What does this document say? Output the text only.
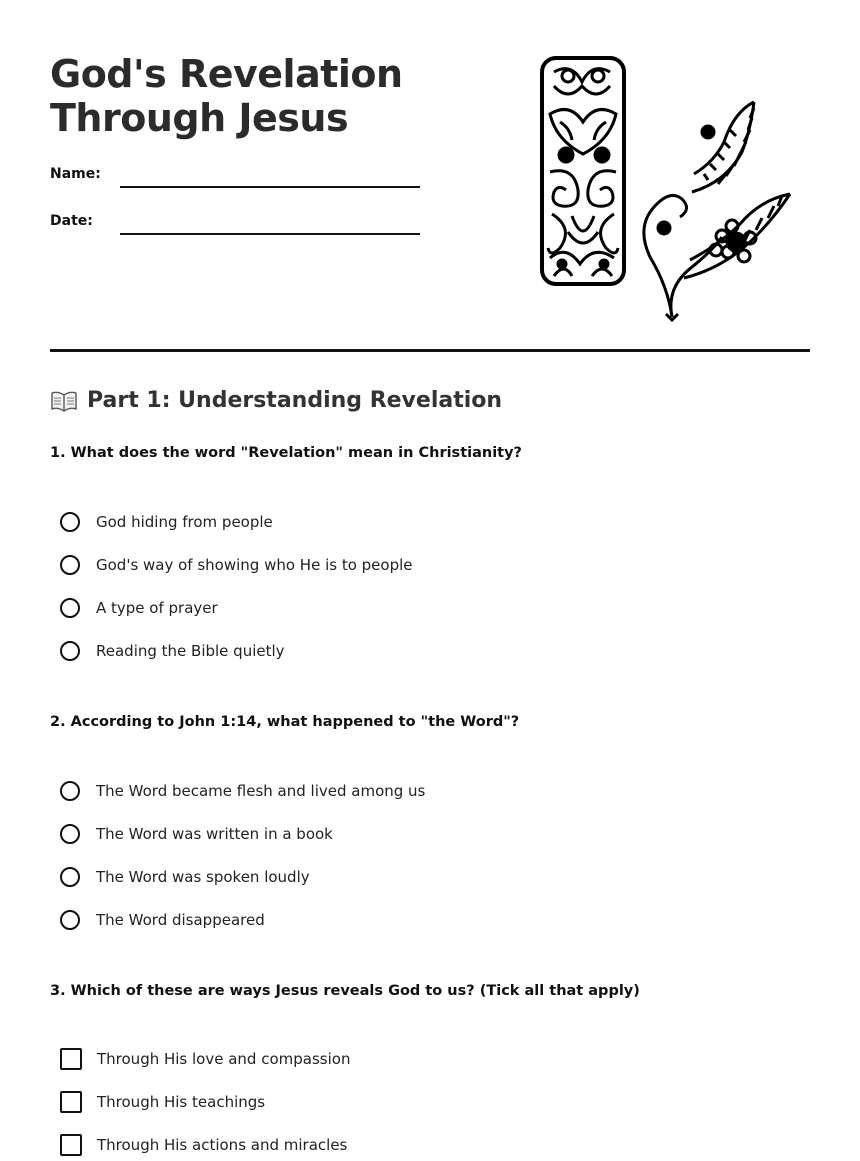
God's Revelation
Through Jesus
Name:
Date:
Part 1: Understanding Revelation

1. What does the word "Revelation" mean in Christianity?

God hiding from people
God's way of showing who He is to people
A type of prayer
Reading the Bible quietly

2. According to John 1:14, what happened to "the Word"?

The Word became flesh and lived among us
The Word was written in a book
The Word was spoken loudly
The Word disappeared

3. Which of these are ways Jesus reveals God to us? (Tick all that apply)

Through His love and compassion
Through His teachings
Through His actions and miracles
